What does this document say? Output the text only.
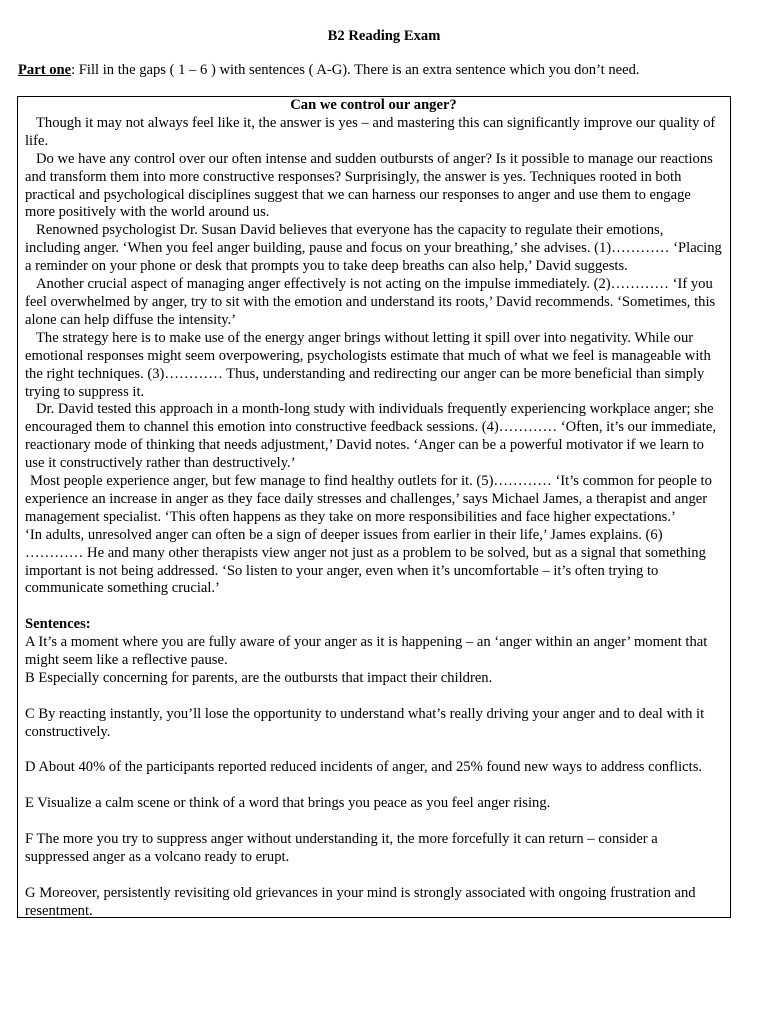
B2 Reading Exam
Part one: Fill in the gaps ( 1 – 6 ) with sentences ( A-G). There is an extra sentence which you don’t need.
Can we control our anger?

Though it may not always feel like it, the answer is yes – and mastering this can significantly improve our quality of life.

Do we have any control over our often intense and sudden outbursts of anger? Is it possible to manage our reactions and transform them into more constructive responses? Surprisingly, the answer is yes. Techniques rooted in both practical and psychological disciplines suggest that we can harness our responses to anger and use them to engage more positively with the world around us.

Renowned psychologist Dr. Susan David believes that everyone has the capacity to regulate their emotions, including anger. ‘When you feel anger building, pause and focus on your breathing,’ she advises. (1)………… ‘Placing a reminder on your phone or desk that prompts you to take deep breaths can also help,’ David suggests.

Another crucial aspect of managing anger effectively is not acting on the impulse immediately. (2)………… ‘If you feel overwhelmed by anger, try to sit with the emotion and understand its roots,’ David recommends. ‘Sometimes, this alone can help diffuse the intensity.’

The strategy here is to make use of the energy anger brings without letting it spill over into negativity. While our emotional responses might seem overpowering, psychologists estimate that much of what we feel is manageable with the right techniques. (3)………… Thus, understanding and redirecting our anger can be more beneficial than simply trying to suppress it.

Dr. David tested this approach in a month-long study with individuals frequently experiencing workplace anger; she encouraged them to channel this emotion into constructive feedback sessions. (4)………… ‘Often, it’s our immediate, reactionary mode of thinking that needs adjustment,’ David notes. ‘Anger can be a powerful motivator if we learn to use it constructively rather than destructively.’

Most people experience anger, but few manage to find healthy outlets for it. (5)………… ‘It’s common for people to experience an increase in anger as they face daily stresses and challenges,’ says Michael James, a therapist and anger management specialist. ‘This often happens as they take on more responsibilities and face higher expectations.’

‘In adults, unresolved anger can often be a sign of deeper issues from earlier in their life,’ James explains. (6) ………… He and many other therapists view anger not just as a problem to be solved, but as a signal that something important is not being addressed. ‘So listen to your anger, even when it’s uncomfortable – it’s often trying to communicate something crucial.’

Sentences:

A It’s a moment where you are fully aware of your anger as it is happening – an ‘anger within an anger’ moment that might seem like a reflective pause.

B Especially concerning for parents, are the outbursts that impact their children.

C By reacting instantly, you’ll lose the opportunity to understand what’s really driving your anger and to deal with it constructively.

D About 40% of the participants reported reduced incidents of anger, and 25% found new ways to address conflicts.

E Visualize a calm scene or think of a word that brings you peace as you feel anger rising.

F The more you try to suppress anger without understanding it, the more forcefully it can return – consider a suppressed anger as a volcano ready to erupt.

G Moreover, persistently revisiting old grievances in your mind is strongly associated with ongoing frustration and resentment.
